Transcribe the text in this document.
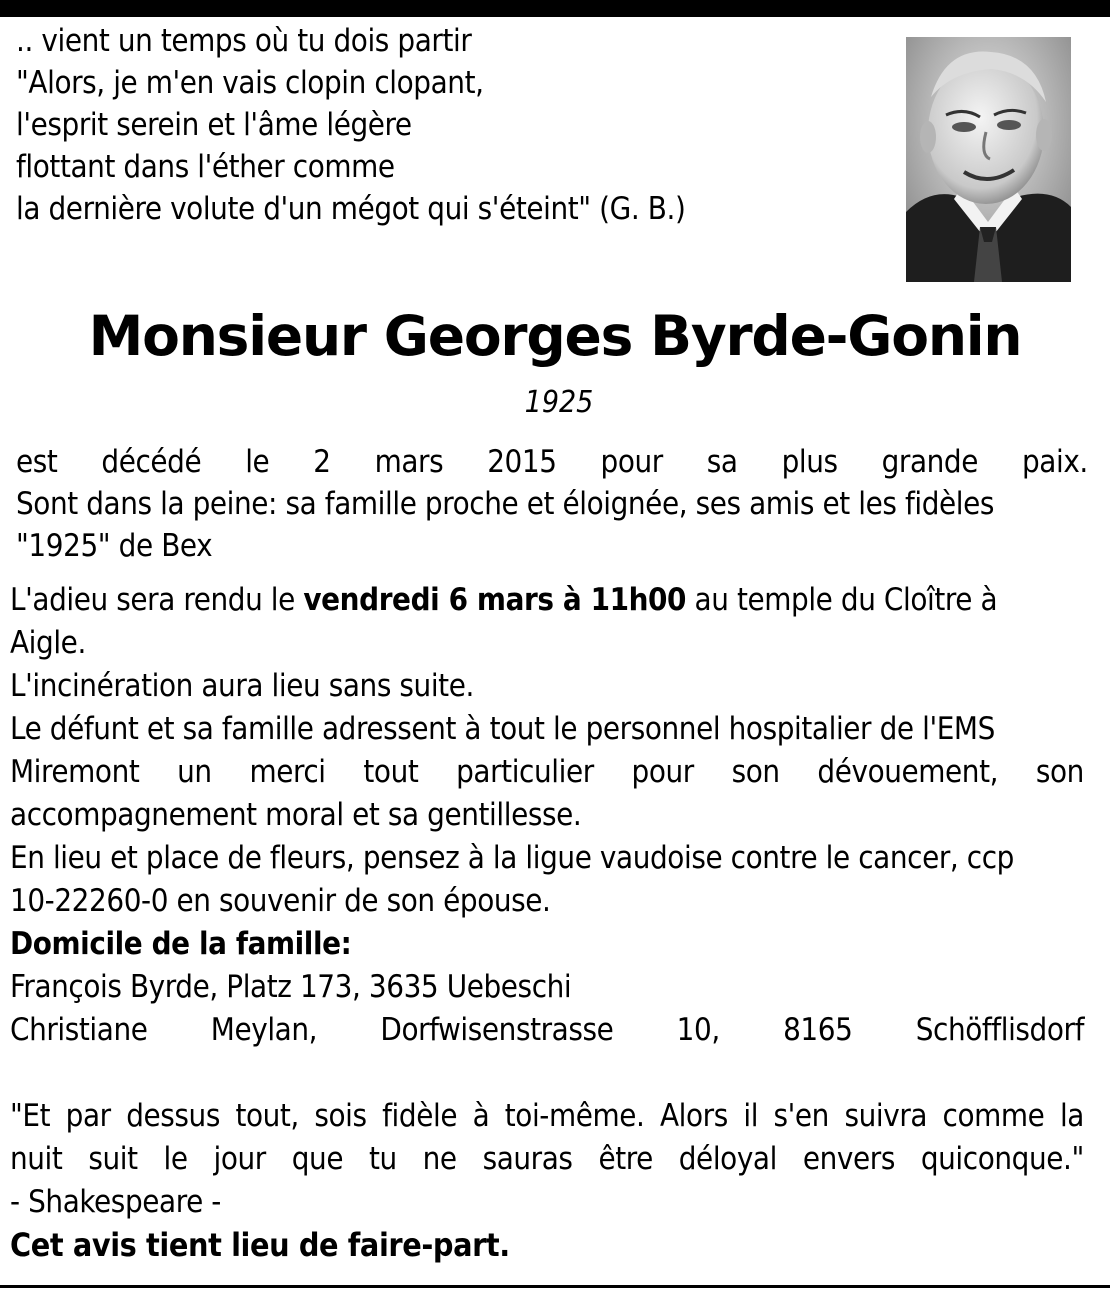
.. vient un temps où tu dois partir
"Alors, je m'en vais clopin clopant,
l'esprit serein et l'âme légère
flottant dans l'éther comme
la dernière volute d'un mégot qui s'éteint" (G. B.)
Monsieur Georges Byrde-Gonin
1925
est décédé le 2 mars 2015 pour sa plus grande paix.
Sont dans la peine: sa famille proche et éloignée, ses amis et les fidèles
"1925" de Bex
L'adieu sera rendu le vendredi 6 mars à 11h00 au temple du Cloître à
Aigle.
L'incinération aura lieu sans suite.
Le défunt et sa famille adressent à tout le personnel hospitalier de l'EMS
Miremont un merci tout particulier pour son dévouement, son
accompagnement moral et sa gentillesse.
En lieu et place de fleurs, pensez à la ligue vaudoise contre le cancer, ccp
10-22260-0 en souvenir de son épouse.
Domicile de la famille:
François Byrde, Platz 173, 3635 Uebeschi
Christiane Meylan, Dorfwisenstrasse 10, 8165 Schöfflisdorf
"Et par dessus tout, sois fidèle à toi-même. Alors il s'en suivra comme la
nuit suit le jour que tu ne sauras être déloyal envers quiconque."
- Shakespeare -
Cet avis tient lieu de faire-part.
